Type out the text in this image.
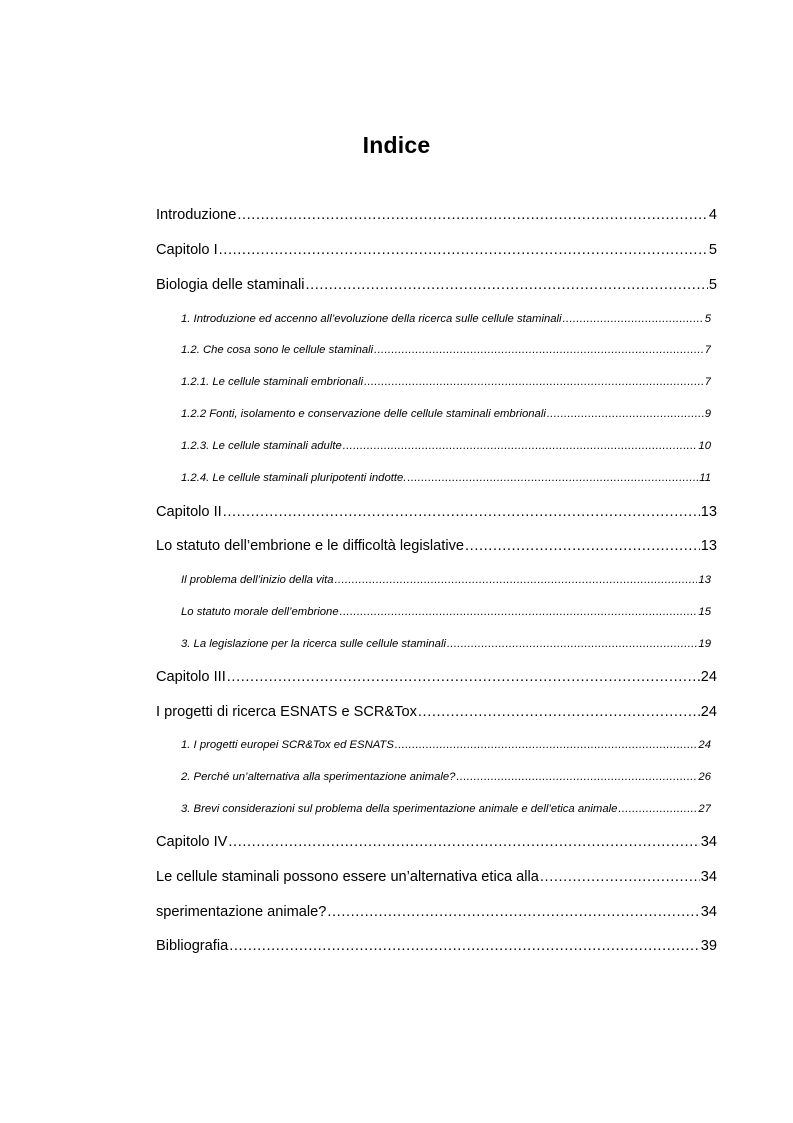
Indice
Introduzione .....	4
Capitolo I .....	5
Biologia delle staminali .....	5
1. Introduzione ed accenno all’evoluzione della ricerca sulle cellule staminali .....	5
1.2. Che cosa sono le cellule staminali .....	7
1.2.1. Le cellule staminali embrionali .....	7
1.2.2 Fonti, isolamento e conservazione delle cellule staminali embrionali .....	9
1.2.3. Le cellule staminali adulte .....	10
1.2.4. Le cellule staminali pluripotenti indotte. .....	11
Capitolo II .....	13
Lo statuto dell’embrione e le difficoltà legislative .....	13
Il problema dell’inizio della vita .....	13
Lo statuto morale dell’embrione .....	15
3. La legislazione per la ricerca sulle cellule staminali .....	19
Capitolo III .....	24
I progetti di ricerca ESNATS e SCR&Tox .....	24
1. I progetti europei SCR&Tox ed ESNATS .....	24
2. Perché un’alternativa alla sperimentazione animale? .....	26
3. Brevi considerazioni sul problema della sperimentazione animale e dell’etica animale .....	27
Capitolo IV .....	34
Le cellule staminali possono essere un’alternativa etica alla .....	34
sperimentazione animale? .....	34
Bibliografia .....	39
